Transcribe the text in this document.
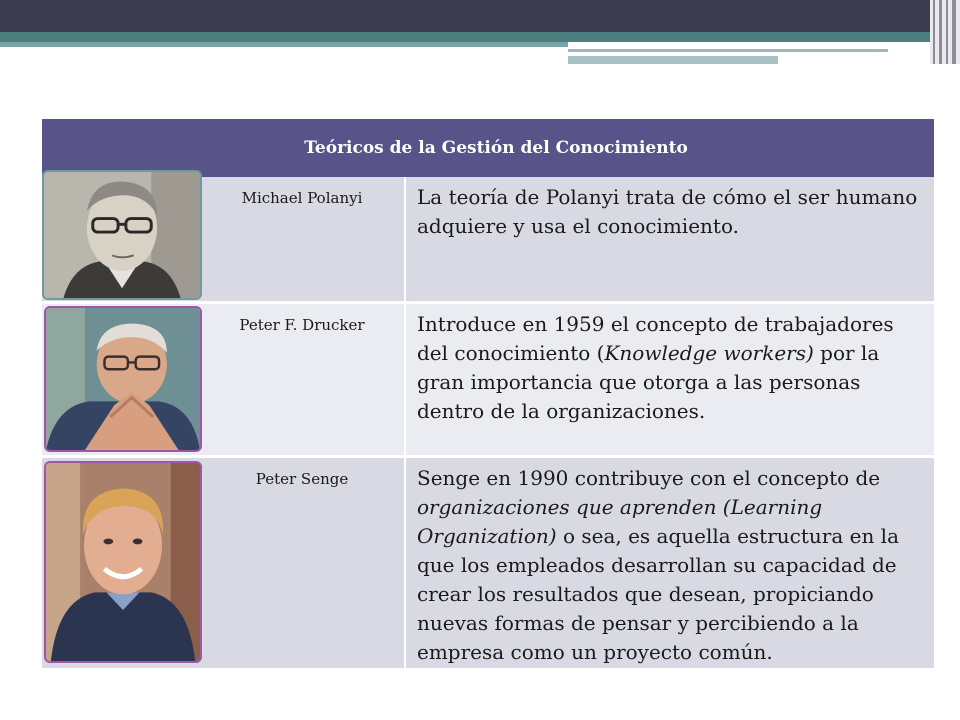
Teóricos de la Gestión del Conocimiento
Michael Polanyi	La teoría de Polanyi trata de cómo el ser humano adquiere y usa el conocimiento.
Peter F. Drucker	Introduce en 1959 el concepto de trabajadores del conocimiento (Knowledge workers) por la gran importancia que otorga a las personas dentro de la organizaciones.
Peter Senge	Senge en 1990 contribuye con el concepto de organizaciones que aprenden (Learning Organization) o sea, es aquella estructura en la que los empleados desarrollan su capacidad de crear los resultados que desean, propiciando nuevas formas de pensar y percibiendo a la empresa como un proyecto común.
